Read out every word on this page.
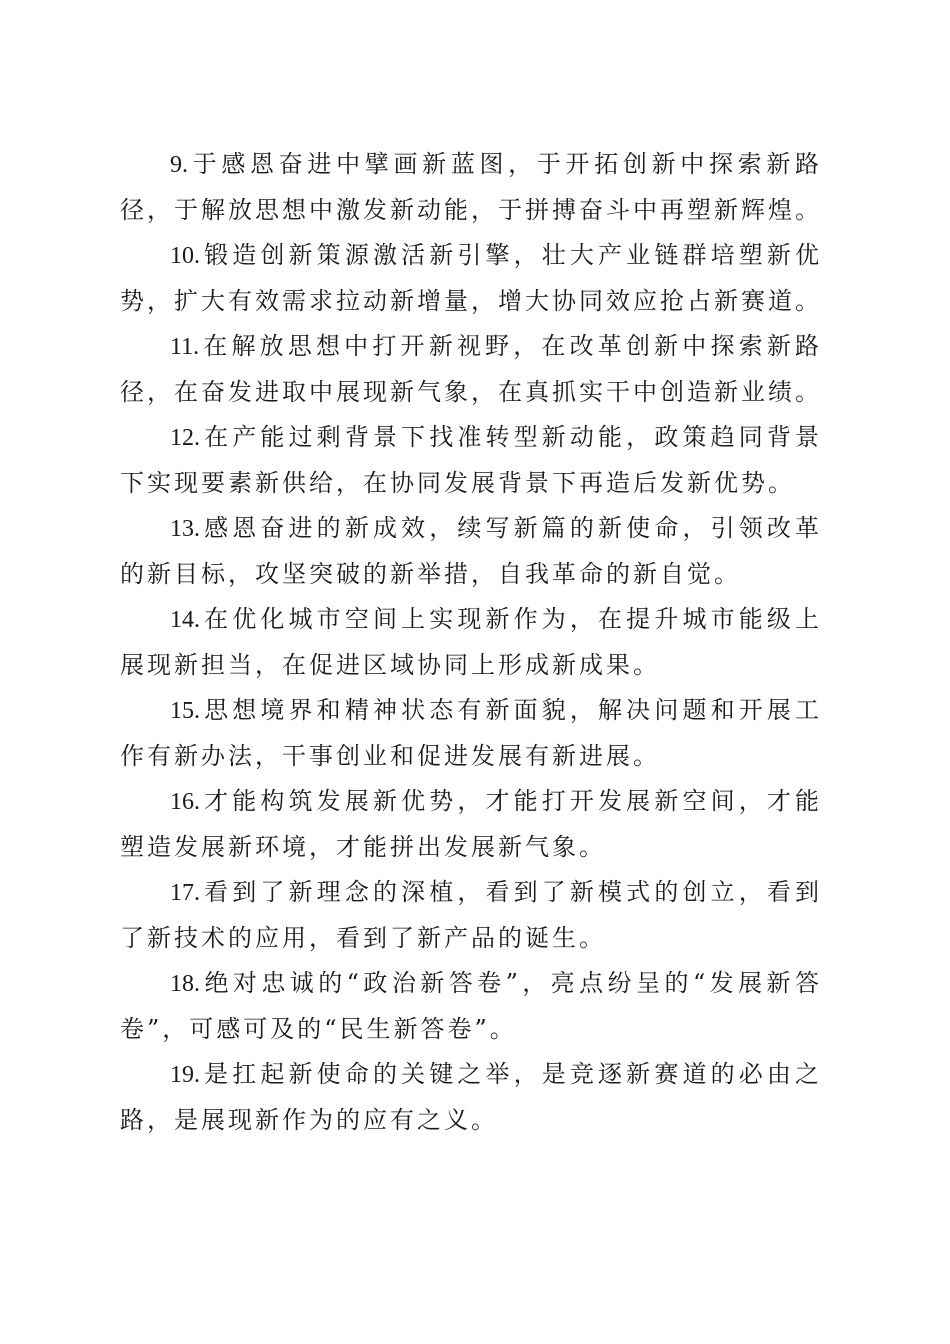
9. 于感恩奋进中擘画新蓝图，于开拓创新中探索新路径，于解放思想中激发新动能，于拼搏奋斗中再塑新辉煌。

10. 锻造创新策源激活新引擎，壮大产业链群培塑新优势，扩大有效需求拉动新增量，增大协同效应抢占新赛道。

11. 在解放思想中打开新视野，在改革创新中探索新路径，在奋发进取中展现新气象，在真抓实干中创造新业绩。

12. 在产能过剩背景下找准转型新动能，政策趋同背景下实现要素新供给，在协同发展背景下再造后发新优势。

13. 感恩奋进的新成效，续写新篇的新使命，引领改革的新目标，攻坚突破的新举措，自我革命的新自觉。

14. 在优化城市空间上实现新作为，在提升城市能级上展现新担当，在促进区域协同上形成新成果。

15. 思想境界和精神状态有新面貌，解决问题和开展工作有新办法，干事创业和促进发展有新进展。

16. 才能构筑发展新优势，才能打开发展新空间，才能塑造发展新环境，才能拼出发展新气象。

17. 看到了新理念的深植，看到了新模式的创立，看到了新技术的应用，看到了新产品的诞生。

18. 绝对忠诚的“政治新答卷”，亮点纷呈的“发展新答卷”，可感可及的“民生新答卷”。

19. 是扛起新使命的关键之举，是竞逐新赛道的必由之路，是展现新作为的应有之义。
